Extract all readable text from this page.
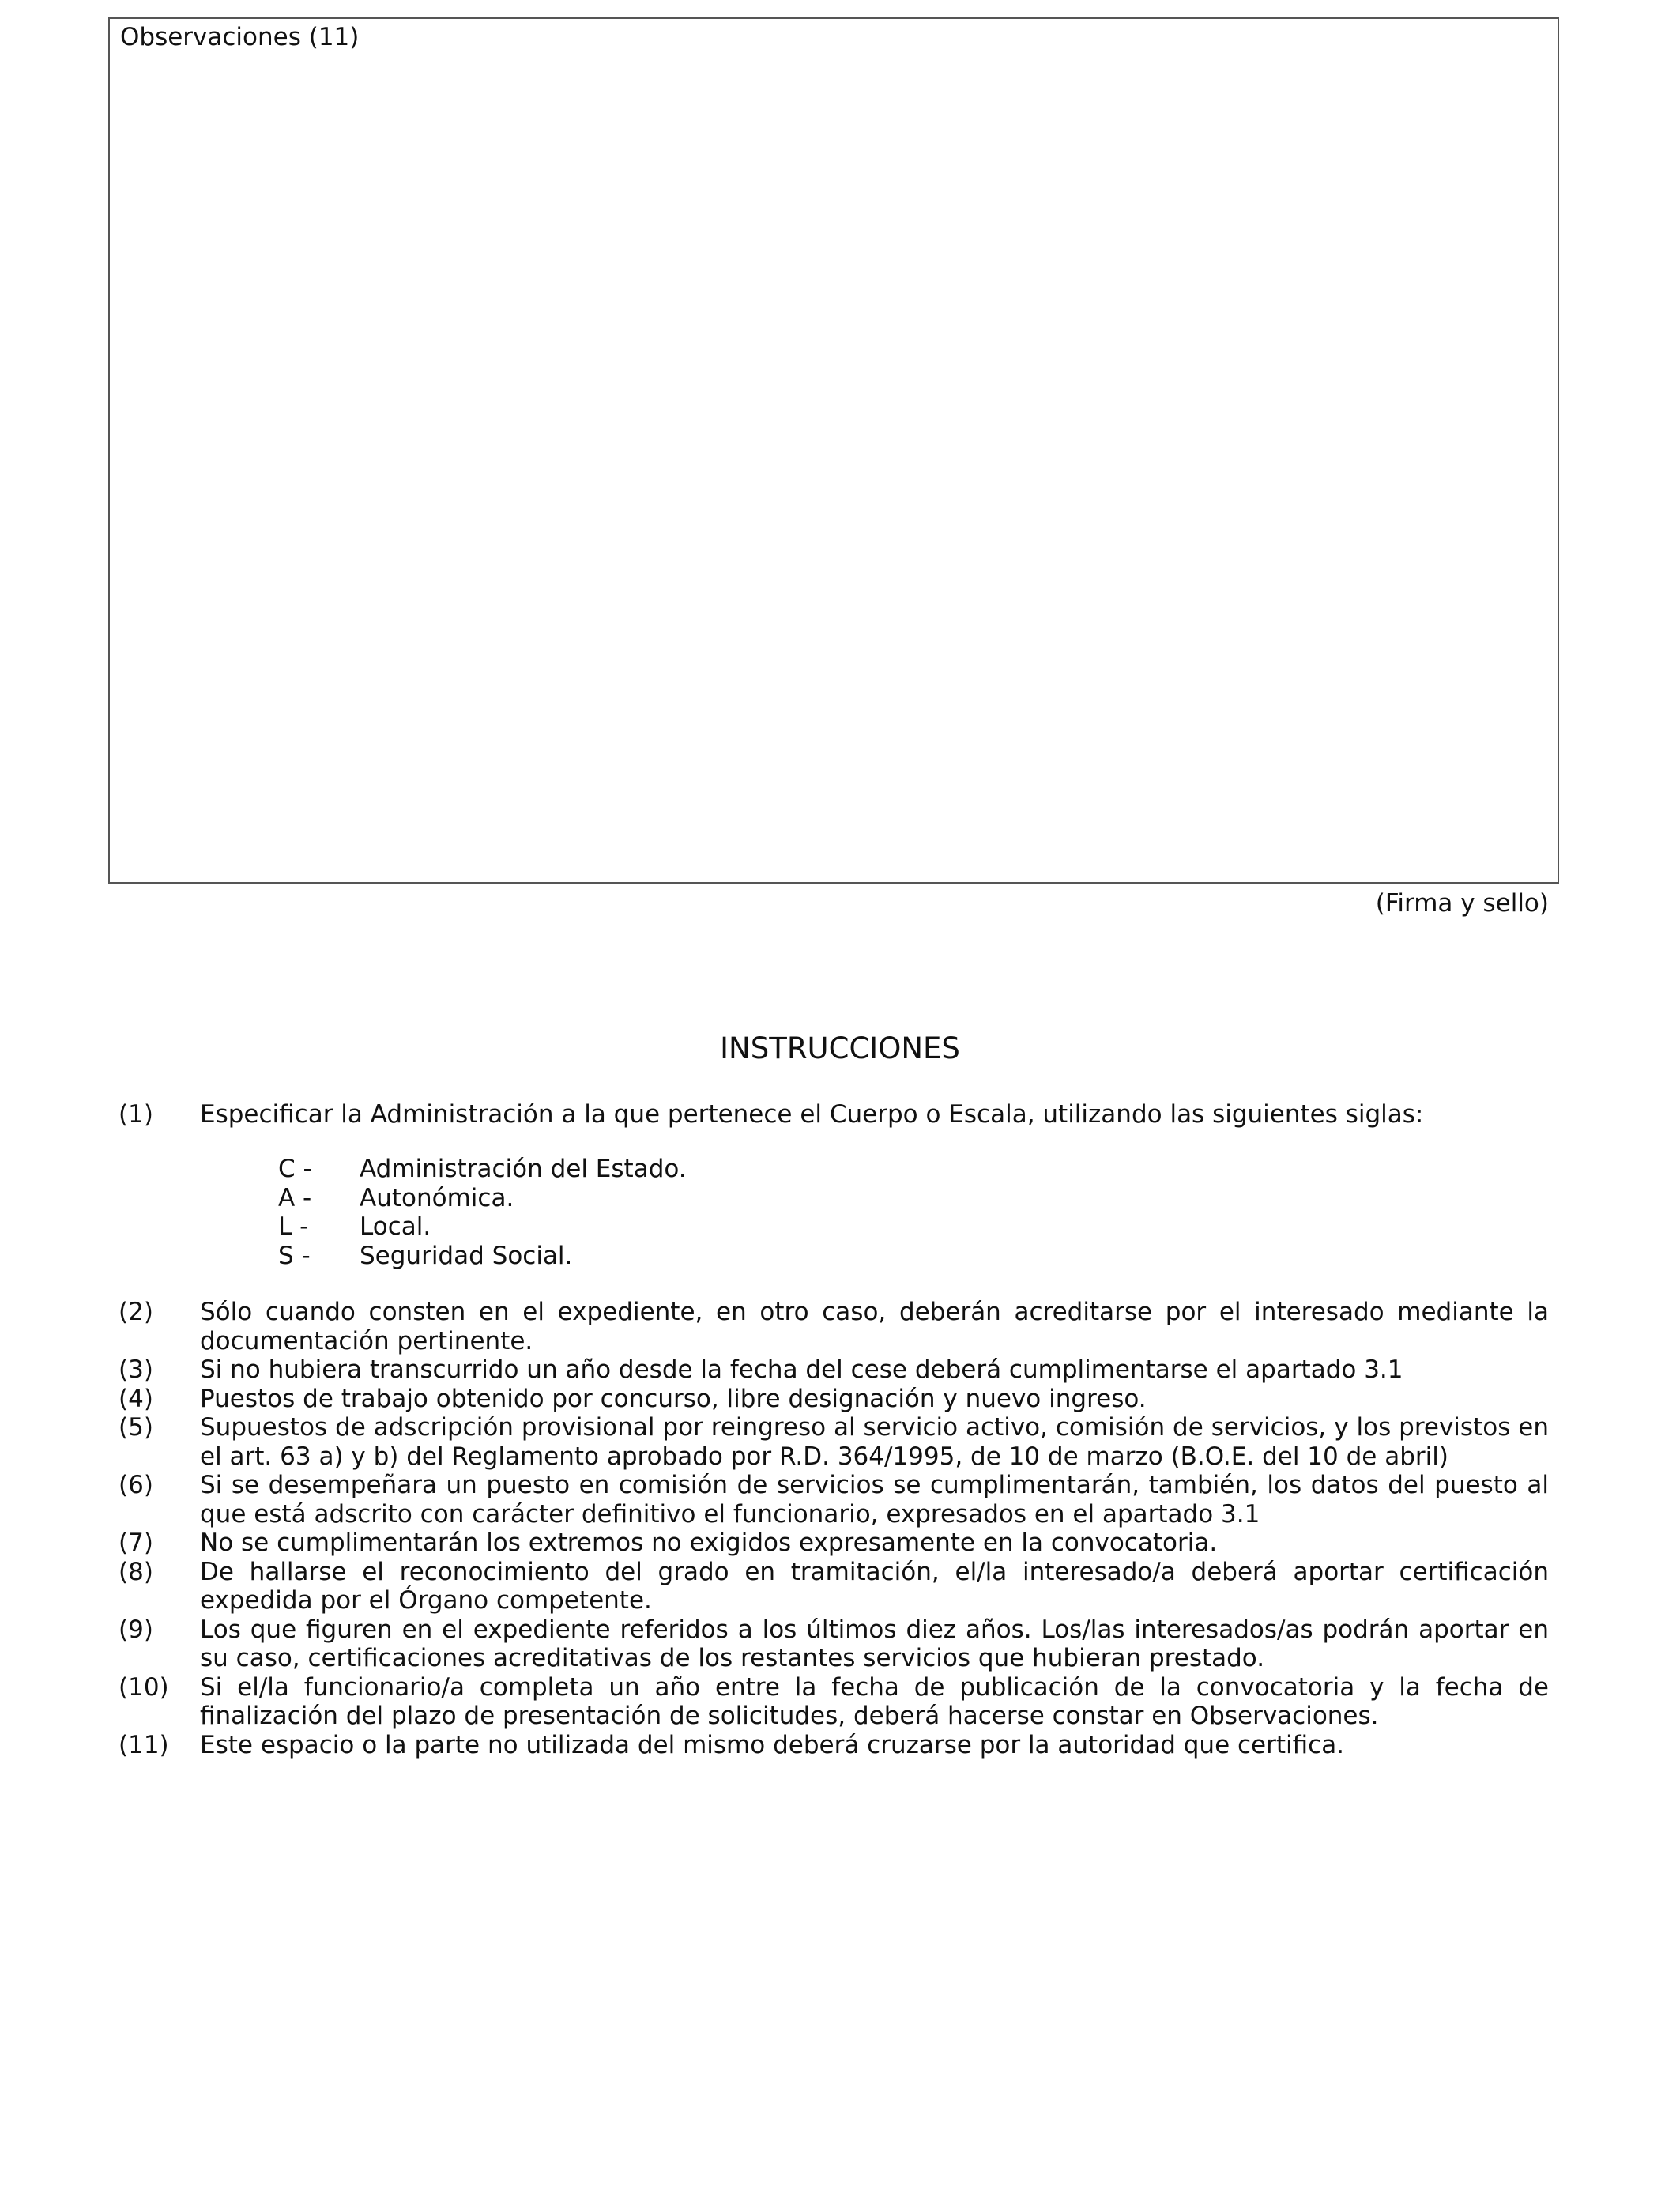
Observaciones (11)
(Firma y sello)
INSTRUCCIONES
(1) Especificar la Administración a la que pertenece el Cuerpo o Escala, utilizando las siguientes siglas:
C -	Administración del Estado.
A -	Autonómica.
L -	Local.
S -	Seguridad Social.
(2) Sólo cuando consten en el expediente, en otro caso, deberán acreditarse por el interesado mediante la documentación pertinente.
(3) Si no hubiera transcurrido un año desde la fecha del cese deberá cumplimentarse el apartado 3.1
(4) Puestos de trabajo obtenido por concurso, libre designación y nuevo ingreso.
(5) Supuestos de adscripción provisional por reingreso al servicio activo, comisión de servicios, y los previstos en el art. 63 a) y b) del Reglamento aprobado por R.D. 364/1995, de 10 de marzo (B.O.E. del 10 de abril)
(6) Si se desempeñara un puesto en comisión de servicios se cumplimentarán, también, los datos del puesto al que está adscrito con carácter definitivo el funcionario, expresados en el apartado 3.1
(7) No se cumplimentarán los extremos no exigidos expresamente en la convocatoria.
(8) De hallarse el reconocimiento del grado en tramitación, el/la interesado/a deberá aportar certificación expedida por el Órgano competente.
(9) Los que figuren en el expediente referidos a los últimos diez años. Los/las interesados/as podrán aportar en su caso, certificaciones acreditativas de los restantes servicios que hubieran prestado.
(10) Si el/la funcionario/a completa un año entre la fecha de publicación de la convocatoria y la fecha de finalización del plazo de presentación de solicitudes, deberá hacerse constar en Observaciones.
(11) Este espacio o la parte no utilizada del mismo deberá cruzarse por la autoridad que certifica.
